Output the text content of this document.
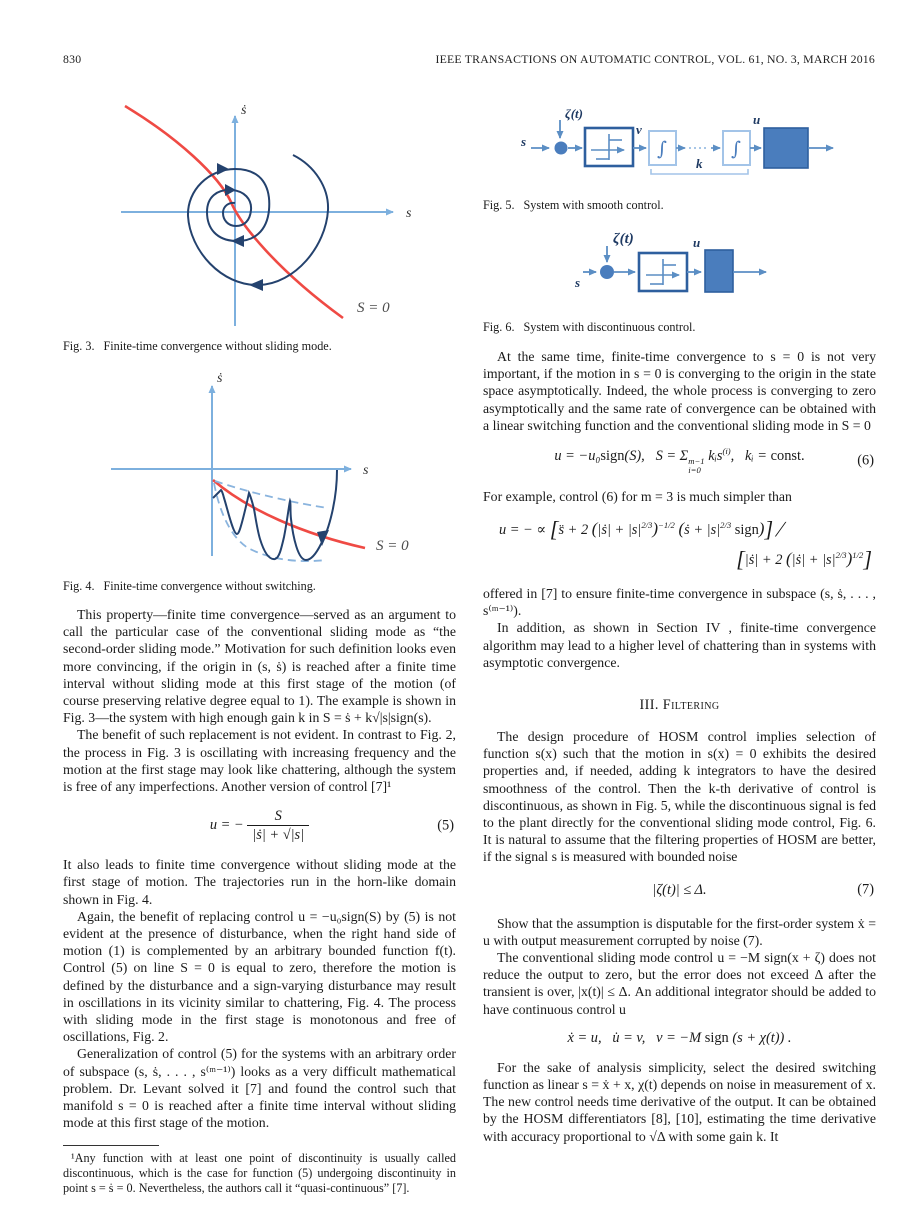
830	IEEE TRANSACTIONS ON AUTOMATIC CONTROL, VOL. 61, NO. 3, MARCH 2016
ṡ
s
S = 0

Fig. 3. Finite-time convergence without sliding mode.

ṡ
s
S = 0

Fig. 4. Finite-time convergence without switching.

This property—finite time convergence—served as an argument to call the particular case of the conventional sliding mode as “the second-order sliding mode.” Motivation for such definition looks even more convincing, if the origin in (s, ṡ) is reached after a finite time interval without sliding mode at this first stage of the motion (of course preserving relative degree equal to 1). The example is shown in Fig. 3—the system with high enough gain k in S = ṡ + k√|s|sign(s).

The benefit of such replacement is not evident. In contrast to Fig. 2, the process in Fig. 3 is oscillating with increasing frequency and the motion at the first stage may look like chattering, although the system is free of any imperfections. Another version of control [7]¹

u = − $\frac{S}{\text{|ṡ| + √|s|}}$	(5)

It also leads to finite time convergence without sliding mode at the first stage of motion. The trajectories run in the horn-like domain shown in Fig. 4.

Again, the benefit of replacing control u = −u₀sign(S) by (5) is not evident at the presence of disturbance, when the right hand side of motion (1) is complemented by an arbitrary bounded function f(t). Control (5) on line S = 0 is equal to zero, therefore the motion is defined by the disturbance and a sign-varying disturbance may result in oscillations in its vicinity similar to chattering, Fig. 4. The process with sliding mode in the first stage is monotonous and free of oscillations, Fig. 2.

Generalization of control (5) for the systems with an arbitrary order of subspace (s, ṡ, . . . , s⁽ᵐ⁻¹⁾) looks as a very difficult mathematical problem. Dr. Levant solved it [7] and found the control such that manifold s = 0 is reached after a finite time interval without sliding mode at this first stage of the motion.

¹Any function with at least one point of discontinuity is usually called discontinuous, which is the case for function (5) undergoing discontinuity in point s = ṡ = 0. Nevertheless, the authors call it “quasi-continuous” [7].

s
ζ(t)
v
∫	∫
k
u

Fig. 5. System with smooth control.

ζ(t)
s
u

Fig. 6. System with discontinuous control.

At the same time, finite-time convergence to s = 0 is not very important, if the motion in s = 0 is converging to the origin in the state space asymptotically. Indeed, the whole process is converging to zero asymptotically and the same rate of convergence can be obtained with a linear switching function and the conventional sliding mode in S = 0

u = −u₀sign(S),   S = Σ m−1
i=0
kᵢs$^{(i)}$,   kᵢ = const.	(6)

For example, control (6) for m = 3 is much simpler than

u = − ∝ [s̈ + 2 (|ṡ| + $|s|^{2/3})^{-1/2}$ (ṡ + $|s|^{2/3}$ sign)] ∕
[|ṡ| + 2 (|ṡ| + $|s|^{2/3})^{1/2}$]

offered in [7] to ensure finite-time convergence in subspace (s, ṡ, . . . , s⁽ᵐ⁻¹⁾).

In addition, as shown in Section IV , finite-time convergence algorithm may lead to a higher level of chattering than in systems with asymptotic convergence.

III. Filtering

The design procedure of HOSM control implies selection of function s(x) such that the motion in s(x) = 0 exhibits the desired properties and, if needed, adding k integrators to have the desired smoothness of the control. Then the k-th derivative of control is discontinuous, as shown in Fig. 5, while the discontinuous signal is fed to the plant directly for the conventional sliding mode control, Fig. 6. It is natural to assume that the filtering properties of HOSM are better, if the signal s is measured with bounded noise

|ζ(t)| ≤ Δ.	(7)

Show that the assumption is disputable for the first-order system ẋ = u with output measurement corrupted by noise (7).

The conventional sliding mode control u = −M sign(x + ζ) does not reduce the output to zero, but the error does not exceed Δ after the transient is over, |x(t)| ≤ Δ. An additional integrator should be added to have continuous control u

ẋ = u,   u̇ = v,   v = −M sign (s + χ(t)) .

For the sake of analysis simplicity, select the desired switching function as linear s = ẋ + x, χ(t) depends on noise in measurement of x. The new control needs time derivative of the output. It can be obtained by the HOSM differentiators [8], [10], estimating the time derivative with accuracy proportional to √Δ with some gain k. It
